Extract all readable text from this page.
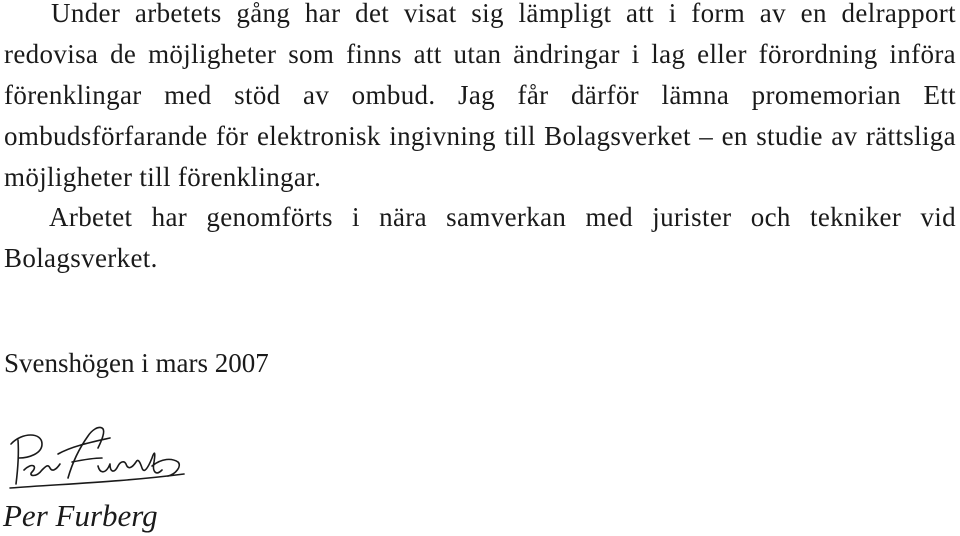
Under arbetets gång har det visat sig lämpligt att i form av en delrapport redovisa de möjligheter som finns att utan ändringar i lag eller förordning införa förenklingar med stöd av ombud. Jag får därför lämna promemorian Ett ombudsförfarande för elektronisk ingivning till Bolagsverket – en studie av rättsliga möjligheter till förenklingar.

Arbetet har genomförts i nära samverkan med jurister och tekniker vid Bolagsverket.

Svenshögen i mars 2007

Per Furberg
